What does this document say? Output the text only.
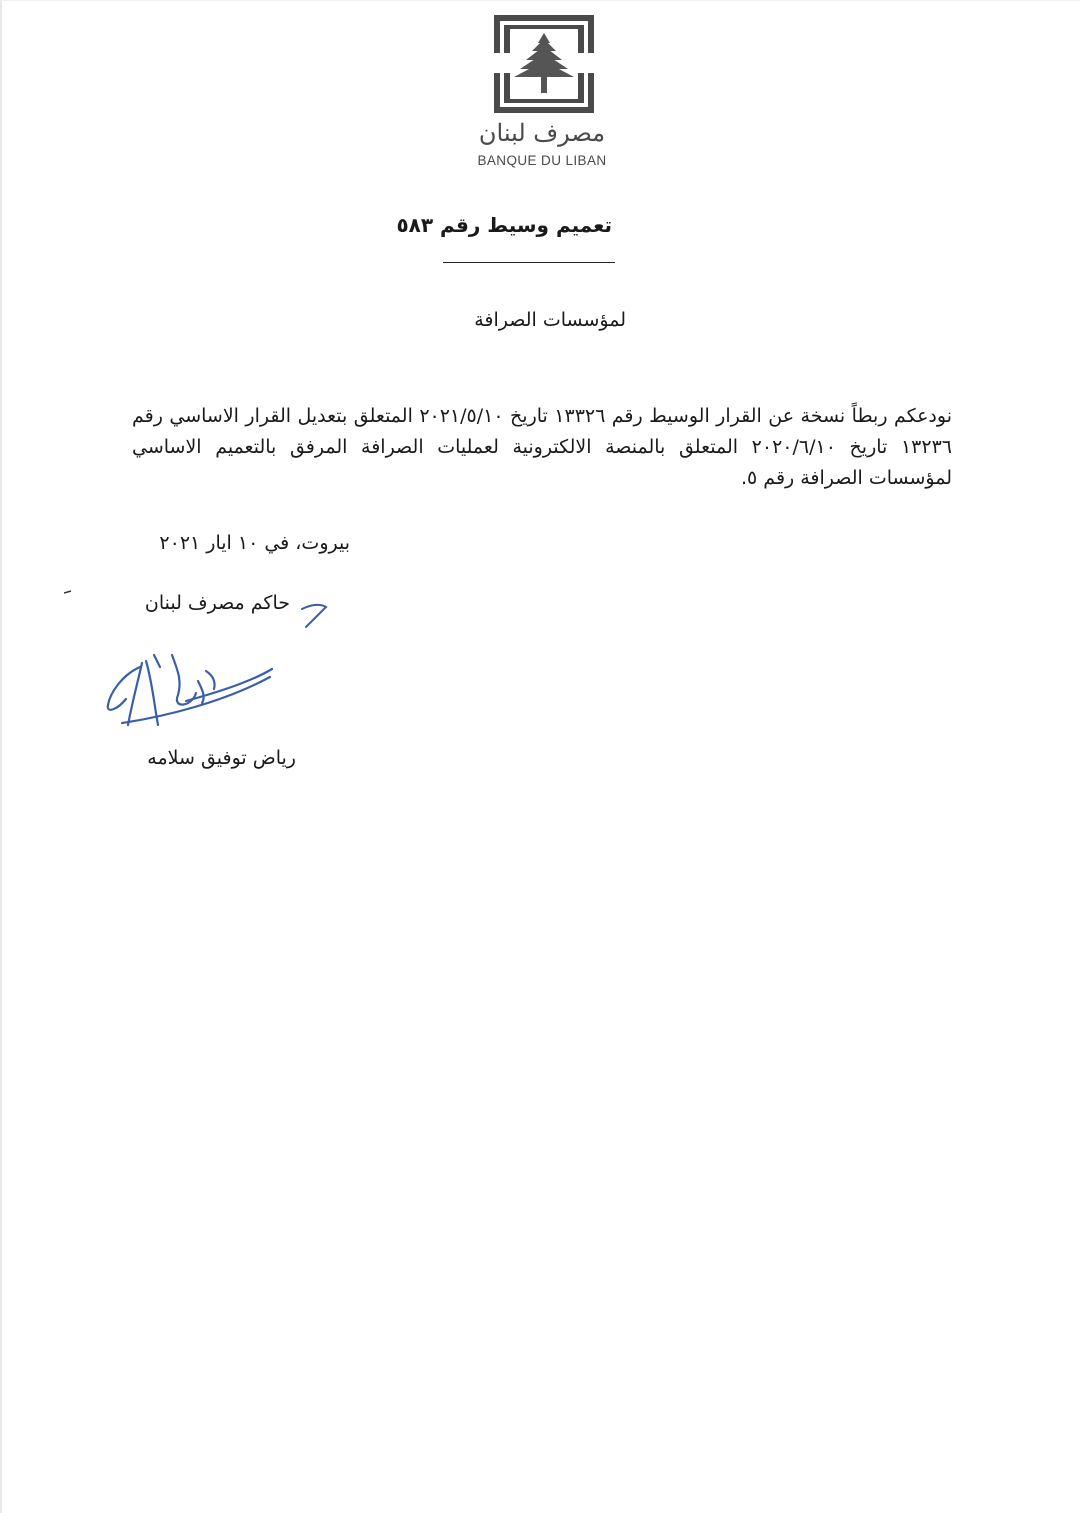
مصرف لبنان
BANQUE DU LIBAN
تعميم وسيط رقم ٥٨٣
لمؤسسات الصرافة
نودعكم ربطاً نسخة عن القرار الوسيط رقم ١٣٣٢٦ تاريخ ٢٠٢١/٥/١٠ المتعلق بتعديل القرار الاساسي رقم ١٣٢٣٦ تاريخ ٢٠٢٠/٦/١٠ المتعلق بالمنصة الالكترونية لعمليات الصرافة المرفق بالتعميم الاساسي لمؤسسات الصرافة رقم ٥.
بيروت، في ١٠ ايار ٢٠٢١
حاكم مصرف لبنان
رياض توفيق سلامه
